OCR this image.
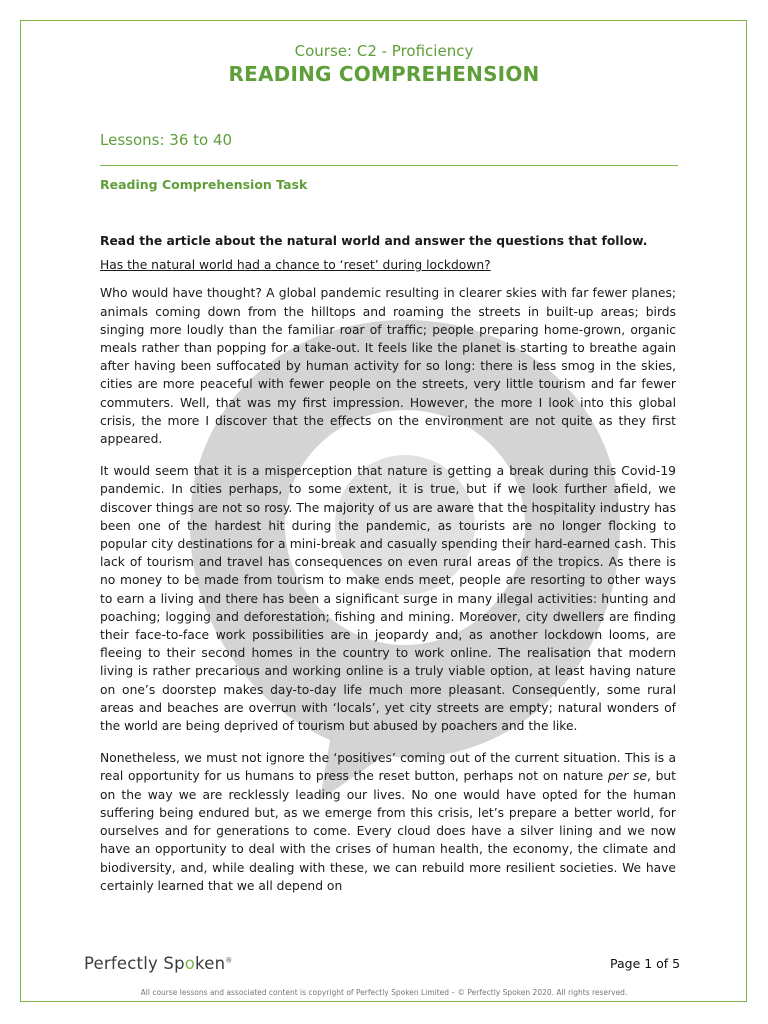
Course: C2 - Proficiency
READING COMPREHENSION
Lessons: 36 to 40
Reading Comprehension Task

Read the article about the natural world and answer the questions that follow.

Has the natural world had a chance to ‘reset’ during lockdown?

Who would have thought? A global pandemic resulting in clearer skies with far fewer planes; animals coming down from the hilltops and roaming the streets in built-up areas; birds singing more loudly than the familiar roar of traffic; people preparing home-grown, organic meals rather than popping for a take-out. It feels like the planet is starting to breathe again after having been suffocated by human activity for so long: there is less smog in the skies, cities are more peaceful with fewer people on the streets, very little tourism and far fewer commuters. Well, that was my first impression. However, the more I look into this global crisis, the more I discover that the effects on the environment are not quite as they first appeared.

It would seem that it is a misperception that nature is getting a break during this Covid-19 pandemic. In cities perhaps, to some extent, it is true, but if we look further afield, we discover things are not so rosy. The majority of us are aware that the hospitality industry has been one of the hardest hit during the pandemic, as tourists are no longer flocking to popular city destinations for a mini-break and casually spending their hard-earned cash. This lack of tourism and travel has consequences on even rural areas of the tropics. As there is no money to be made from tourism to make ends meet, people are resorting to other ways to earn a living and there has been a significant surge in many illegal activities: hunting and poaching; logging and deforestation; fishing and mining. Moreover, city dwellers are finding their face-to-face work possibilities are in jeopardy and, as another lockdown looms, are fleeing to their second homes in the country to work online. The realisation that modern living is rather precarious and working online is a truly viable option, at least having nature on one’s doorstep makes day-to-day life much more pleasant. Consequently, some rural areas and beaches are overrun with ‘locals’, yet city streets are empty; natural wonders of the world are being deprived of tourism but abused by poachers and the like.

Nonetheless, we must not ignore the ‘positives’ coming out of the current situation. This is a real opportunity for us humans to press the reset button, perhaps not on nature per se, but on the way we are recklessly leading our lives. No one would have opted for the human suffering being endured but, as we emerge from this crisis, let’s prepare a better world, for ourselves and for generations to come. Every cloud does have a silver lining and we now have an opportunity to deal with the crises of human health, the economy, the climate and biodiversity, and, while dealing with these, we can rebuild more resilient societies. We have certainly learned that we all depend on

Perfectly Spoken®	Page 1 of 5
All course lessons and associated content is copyright of Perfectly Spoken Limited – © Perfectly Spoken 2020. All rights reserved.
